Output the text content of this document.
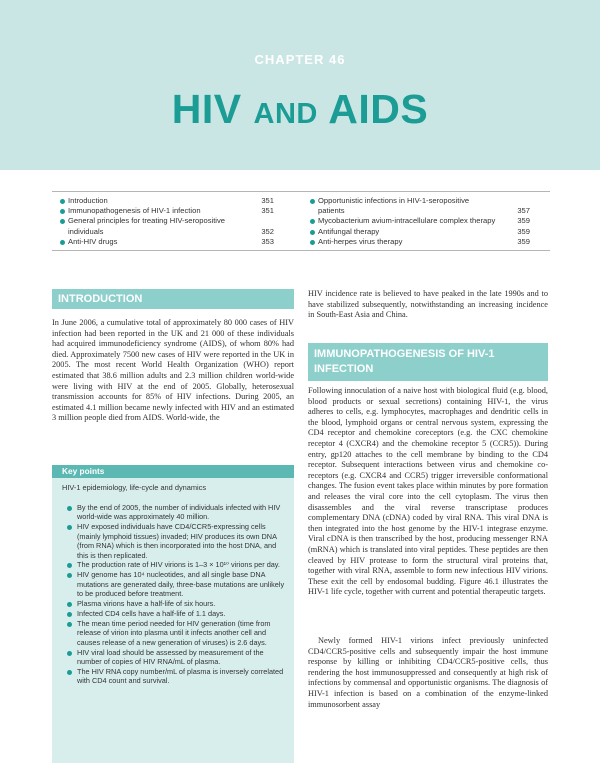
CHAPTER 46
HIV AND AIDS
Introduction	351
Immunopathogenesis of HIV-1 infection	351
General principles for treating HIV-seropositive individuals	352
Anti-HIV drugs	353
Opportunistic infections in HIV-1-seropositive patients	357
Mycobacterium avium-intracellulare complex therapy	359
Antifungal therapy	359
Anti-herpes virus therapy	359
INTRODUCTION

In June 2006, a cumulative total of approximately 80 000 cases of HIV infection had been reported in the UK and 21 000 of these individuals had acquired immunodeficiency syndrome (AIDS), of whom 80% had died. Approximately 7500 new cases of HIV were reported in the UK in 2005. The most recent World Health Organization (WHO) report estimated that 38.6 million adults and 2.3 million children world-wide were living with HIV at the end of 2005. Globally, heterosexual transmission accounts for 85% of HIV infections. During 2005, an estimated 4.1 million became newly infected with HIV and an estimated 3 million people died from AIDS. World-wide, the

Key points
HIV-1 epidemiology, life-cycle and dynamics
By the end of 2005, the number of individuals infected with HIV world-wide was approximately 40 million.
HIV exposed individuals have CD4/CCR5-expressing cells (mainly lymphoid tissues) invaded; HIV produces its own DNA (from RNA) which is then incorporated into the host DNA, and this is then replicated.
The production rate of HIV virions is 1–3 × 10¹⁰ virions per day.
HIV genome has 10⁴ nucleotides, and all single base DNA mutations are generated daily, three-base mutations are unlikely to be produced before treatment.
Plasma virions have a half-life of six hours.
Infected CD4 cells have a half-life of 1.1 days.
The mean time period needed for HIV generation (time from release of virion into plasma until it infects another cell and causes release of a new generation of viruses) is 2.6 days.
HIV viral load should be assessed by measurement of the number of copies of HIV RNA/mL of plasma.
The HIV RNA copy number/mL of plasma is inversely correlated with CD4 count and survival.

HIV incidence rate is believed to have peaked in the late 1990s and to have stabilized subsequently, notwithstanding an increasing incidence in South-East Asia and China.

IMMUNOPATHOGENESIS OF HIV-1 INFECTION

Following innoculation of a naive host with biological fluid (e.g. blood, blood products or sexual secretions) containing HIV-1, the virus adheres to cells, e.g. lymphocytes, macrophages and dendritic cells in the blood, lymphoid organs or central nervous system, expressing the CD4 receptor and chemokine coreceptors (e.g. the CXC chemokine receptor 4 (CXCR4) and the chemokine receptor 5 (CCR5)). During entry, gp120 attaches to the cell membrane by binding to the CD4 receptor. Subsequent interactions between virus and chemokine co-receptors (e.g. CXCR4 and CCR5) trigger irreversible conformational changes. The fusion event takes place within minutes by pore formation and releases the viral core into the cell cytoplasm. The virus then disassembles and the viral reverse transcriptase produces complementary DNA (cDNA) coded by viral RNA. This viral DNA is then integrated into the host genome by the HIV-1 integrase enzyme. Viral cDNA is then transcribed by the host, producing messenger RNA (mRNA) which is translated into viral peptides. These peptides are then cleaved by HIV protease to form the structural viral proteins that, together with viral RNA, assemble to form new infectious HIV virions. These exit the cell by endosomal budding. Figure 46.1 illustrates the HIV-1 life cycle, together with current and potential therapeutic targets.

Newly formed HIV-1 virions infect previously uninfected CD4/CCR5-positive cells and subsequently impair the host immune response by killing or inhibiting CD4/CCR5-positive cells, thus rendering the host immunosuppressed and consequently at high risk of infections by commensal and opportunistic organisms. The diagnosis of HIV-1 infection is based on a combination of the enzyme-linked immunosorbent assay
